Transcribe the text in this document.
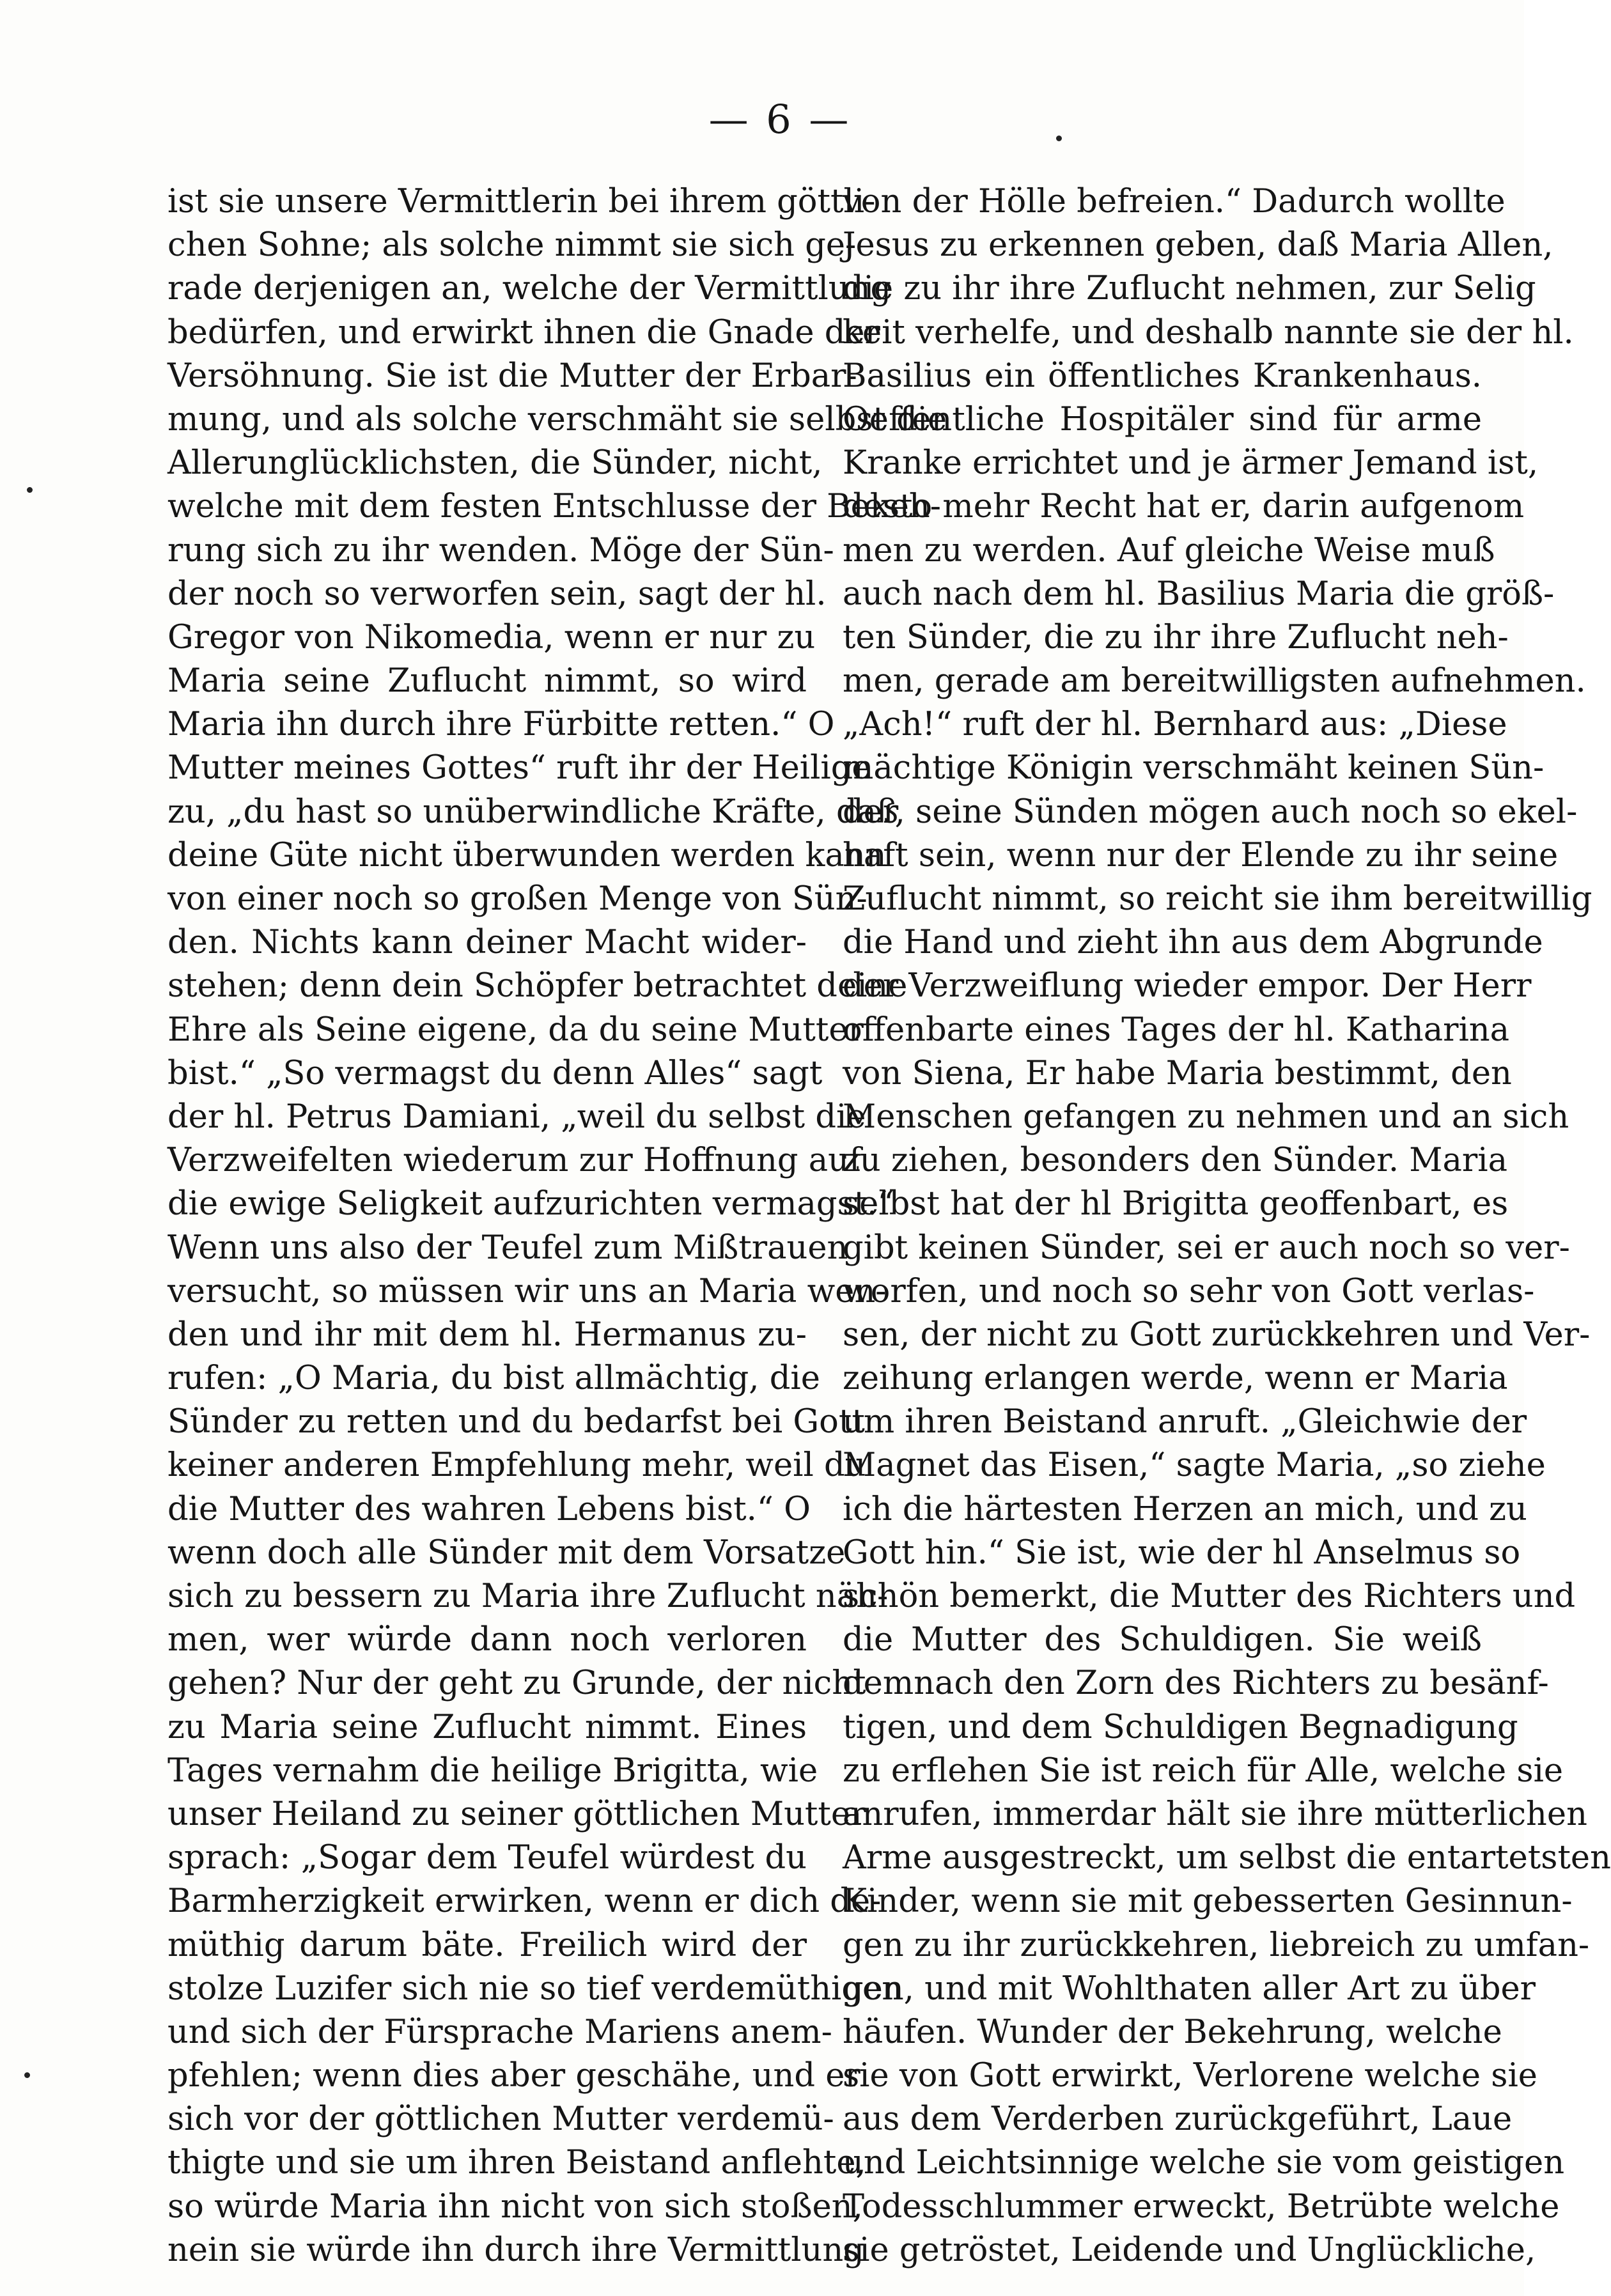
— 6 —
ist sie unsere Vermittlerin bei ihrem göttli-
chen Sohne; als solche nimmt sie sich ge-
rade derjenigen an, welche der Vermittlung
bedürfen, und erwirkt ihnen die Gnade der
Versöhnung. Sie ist die Mutter der Erbar-
mung, und als solche verschmäht sie selbst die
Allerunglücklichsten, die Sünder, nicht,
welche mit dem festen Entschlusse der Bekeh-
rung sich zu ihr wenden. Möge der Sün-
der noch so verworfen sein, sagt der hl.
Gregor von Nikomedia, wenn er nur zu
Maria seine Zuflucht nimmt, so wird
Maria ihn durch ihre Fürbitte retten.“ O
Mutter meines Gottes“ ruft ihr der Heilige
zu, „du hast so unüberwindliche Kräfte, daß
deine Güte nicht überwunden werden kann
von einer noch so großen Menge von Sün-
den. Nichts kann deiner Macht wider-
stehen; denn dein Schöpfer betrachtet deine
Ehre als Seine eigene, da du seine Mutter
bist.“ „So vermagst du denn Alles“ sagt
der hl. Petrus Damiani, „weil du selbst die
Verzweifelten wiederum zur Hoffnung auf
die ewige Seligkeit aufzurichten vermagst.“
Wenn uns also der Teufel zum Mißtrauen
versucht, so müssen wir uns an Maria wen-
den und ihr mit dem hl. Hermanus zu-
rufen: „O Maria, du bist allmächtig, die
Sünder zu retten und du bedarfst bei Gott
keiner anderen Empfehlung mehr, weil du
die Mutter des wahren Lebens bist.“ O
wenn doch alle Sünder mit dem Vorsatze
sich zu bessern zu Maria ihre Zuflucht näh-
men, wer würde dann noch verloren
gehen? Nur der geht zu Grunde, der nicht
zu Maria seine Zuflucht nimmt. Eines
Tages vernahm die heilige Brigitta, wie
unser Heiland zu seiner göttlichen Mutter
sprach: „Sogar dem Teufel würdest du
Barmherzigkeit erwirken, wenn er dich de-
müthig darum bäte. Freilich wird der
stolze Luzifer sich nie so tief verdemüthigen
und sich der Fürsprache Mariens anem-
pfehlen; wenn dies aber geschähe, und er
sich vor der göttlichen Mutter verdemü-
thigte und sie um ihren Beistand anflehte,
so würde Maria ihn nicht von sich stoßen,
nein sie würde ihn durch ihre Vermittlung
von der Hölle befreien.“ Dadurch wollte
Jesus zu erkennen geben, daß Maria Allen,
die zu ihr ihre Zuflucht nehmen, zur Selig
keit verhelfe, und deshalb nannte sie der hl.
Basilius ein öffentliches Krankenhaus.
Oeffentliche Hospitäler sind für arme
Kranke errichtet und je ärmer Jemand ist,
desto mehr Recht hat er, darin aufgenom
men zu werden. Auf gleiche Weise muß
auch nach dem hl. Basilius Maria die größ-
ten Sünder, die zu ihr ihre Zuflucht neh-
men, gerade am bereitwilligsten aufnehmen.
„Ach!“ ruft der hl. Bernhard aus: „Diese
mächtige Königin verschmäht keinen Sün-
der, seine Sünden mögen auch noch so ekel-
haft sein, wenn nur der Elende zu ihr seine
Zuflucht nimmt, so reicht sie ihm bereitwillig
die Hand und zieht ihn aus dem Abgrunde
der Verzweiflung wieder empor. Der Herr
offenbarte eines Tages der hl. Katharina
von Siena, Er habe Maria bestimmt, den
Menschen gefangen zu nehmen und an sich
zu ziehen, besonders den Sünder. Maria
selbst hat der hl Brigitta geoffenbart, es
gibt keinen Sünder, sei er auch noch so ver-
worfen, und noch so sehr von Gott verlas-
sen, der nicht zu Gott zurückkehren und Ver-
zeihung erlangen werde, wenn er Maria
um ihren Beistand anruft. „Gleichwie der
Magnet das Eisen,“ sagte Maria, „so ziehe
ich die härtesten Herzen an mich, und zu
Gott hin.“ Sie ist, wie der hl Anselmus so
schön bemerkt, die Mutter des Richters und
die Mutter des Schuldigen. Sie weiß
demnach den Zorn des Richters zu besänf-
tigen, und dem Schuldigen Begnadigung
zu erflehen Sie ist reich für Alle, welche sie
anrufen, immerdar hält sie ihre mütterlichen
Arme ausgestreckt, um selbst die entartetsten
Kinder, wenn sie mit gebesserten Gesinnun-
gen zu ihr zurückkehren, liebreich zu umfan-
gen, und mit Wohlthaten aller Art zu über
häufen. Wunder der Bekehrung, welche
sie von Gott erwirkt, Verlorene welche sie
aus dem Verderben zurückgeführt, Laue
und Leichtsinnige welche sie vom geistigen
Todesschlummer erweckt, Betrübte welche
sie getröstet, Leidende und Unglückliche,
